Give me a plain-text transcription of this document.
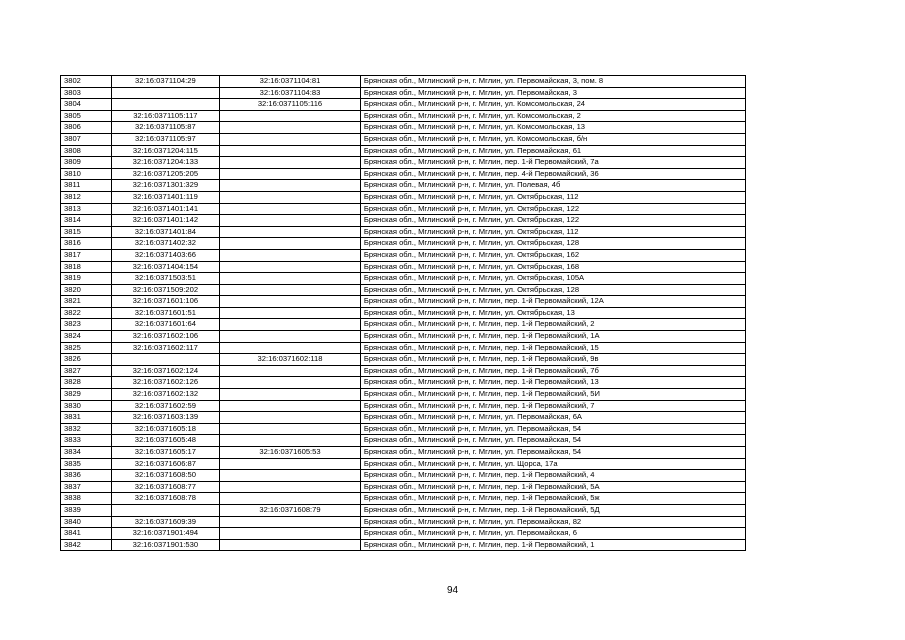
3802	32:16:0371104:29	32:16:0371104:81	Брянская обл., Мглинский р-н, г. Мглин, ул. Первомайская, 3, пом. 8
3803		32:16:0371104:83	Брянская обл., Мглинский р-н, г. Мглин, ул. Первомайская, 3
3804		32:16:0371105:116	Брянская обл., Мглинский р-н, г. Мглин, ул. Комсомольская, 24
3805	32:16:0371105:117		Брянская обл., Мглинский р-н, г. Мглин, ул. Комсомольская, 2
3806	32:16:0371105:87		Брянская обл., Мглинский р-н, г. Мглин, ул. Комсомольская, 13
3807	32:16:0371105:97		Брянская обл., Мглинский р-н, г. Мглин, ул. Комсомольская, б/н
3808	32:16:0371204:115		Брянская обл., Мглинский р-н, г. Мглин, ул. Первомайская, 61
3809	32:16:0371204:133		Брянская обл., Мглинский р-н, г. Мглин, пер. 1-й Первомайский, 7а
3810	32:16:0371205:205		Брянская обл., Мглинский р-н, г. Мглин, пер. 4-й Первомайский, 36
3811	32:16:0371301:329		Брянская обл., Мглинский р-н, г. Мглин, ул. Полевая, 4б
3812	32:16:0371401:119		Брянская обл., Мглинский р-н, г. Мглин, ул. Октябрьская, 112
3813	32:16:0371401:141		Брянская обл., Мглинский р-н, г. Мглин, ул. Октябрьская, 122
3814	32:16:0371401:142		Брянская обл., Мглинский р-н, г. Мглин, ул. Октябрьская, 122
3815	32:16:0371401:84		Брянская обл., Мглинский р-н, г. Мглин, ул. Октябрьская, 112
3816	32:16:0371402:32		Брянская обл., Мглинский р-н, г. Мглин, ул. Октябрьская, 128
3817	32:16:0371403:66		Брянская обл., Мглинский р-н, г. Мглин, ул. Октябрьская, 162
3818	32:16:0371404:154		Брянская обл., Мглинский р-н, г. Мглин, ул. Октябрьская, 168
3819	32:16:0371503:51		Брянская обл., Мглинский р-н, г. Мглин, ул. Октябрьская, 105А
3820	32:16:0371509:202		Брянская обл., Мглинский р-н, г. Мглин, ул. Октябрьская, 128
3821	32:16:0371601:106		Брянская обл., Мглинский р-н, г. Мглин, пер. 1-й Первомайский, 12А
3822	32:16:0371601:51		Брянская обл., Мглинский р-н, г. Мглин, ул. Октябрьская, 13
3823	32:16:0371601:64		Брянская обл., Мглинский р-н, г. Мглин, пер. 1-й Первомайский, 2
3824	32:16:0371602:106		Брянская обл., Мглинский р-н, г. Мглин, пер. 1-й Первомайский, 1А
3825	32:16:0371602:117		Брянская обл., Мглинский р-н, г. Мглин, пер. 1-й Первомайский, 15
3826		32:16:0371602:118	Брянская обл., Мглинский р-н, г. Мглин, пер. 1-й Первомайский, 9в
3827	32:16:0371602:124		Брянская обл., Мглинский р-н, г. Мглин, пер. 1-й Первомайский, 7б
3828	32:16:0371602:126		Брянская обл., Мглинский р-н, г. Мглин, пер. 1-й Первомайский, 13
3829	32:16:0371602:132		Брянская обл., Мглинский р-н, г. Мглин, пер. 1-й Первомайский, 5И
3830	32:16:0371602:59		Брянская обл., Мглинский р-н, г. Мглин, пер. 1-й Первомайский, 7
3831	32:16:0371603:139		Брянская обл., Мглинский р-н, г. Мглин, ул. Первомайская, 6А
3832	32:16:0371605:18		Брянская обл., Мглинский р-н, г. Мглин, ул. Первомайская, 54
3833	32:16:0371605:48		Брянская обл., Мглинский р-н, г. Мглин, ул. Первомайская, 54
3834	32:16:0371605:17	32:16:0371605:53	Брянская обл., Мглинский р-н, г. Мглин, ул. Первомайская, 54
3835	32:16:0371606:87		Брянская обл., Мглинский р-н, г. Мглин, ул. Щорса, 17а
3836	32:16:0371608:50		Брянская обл., Мглинский р-н, г. Мглин, пер. 1-й Первомайский, 4
3837	32:16:0371608:77		Брянская обл., Мглинский р-н, г. Мглин, пер. 1-й Первомайский, 5А
3838	32:16:0371608:78		Брянская обл., Мглинский р-н, г. Мглин, пер. 1-й Первомайский, 5ж
3839		32:16:0371608:79	Брянская обл., Мглинский р-н, г. Мглин, пер. 1-й Первомайский, 5Д
3840	32:16:0371609:39		Брянская обл., Мглинский р-н, г. Мглин, ул. Первомайская, 82
3841	32:16:0371901:494		Брянская обл., Мглинский р-н, г. Мглин, ул. Первомайская, 6
3842	32:16:0371901:530		Брянская обл., Мглинский р-н, г. Мглин, пер. 1-й Первомайский, 1
94
